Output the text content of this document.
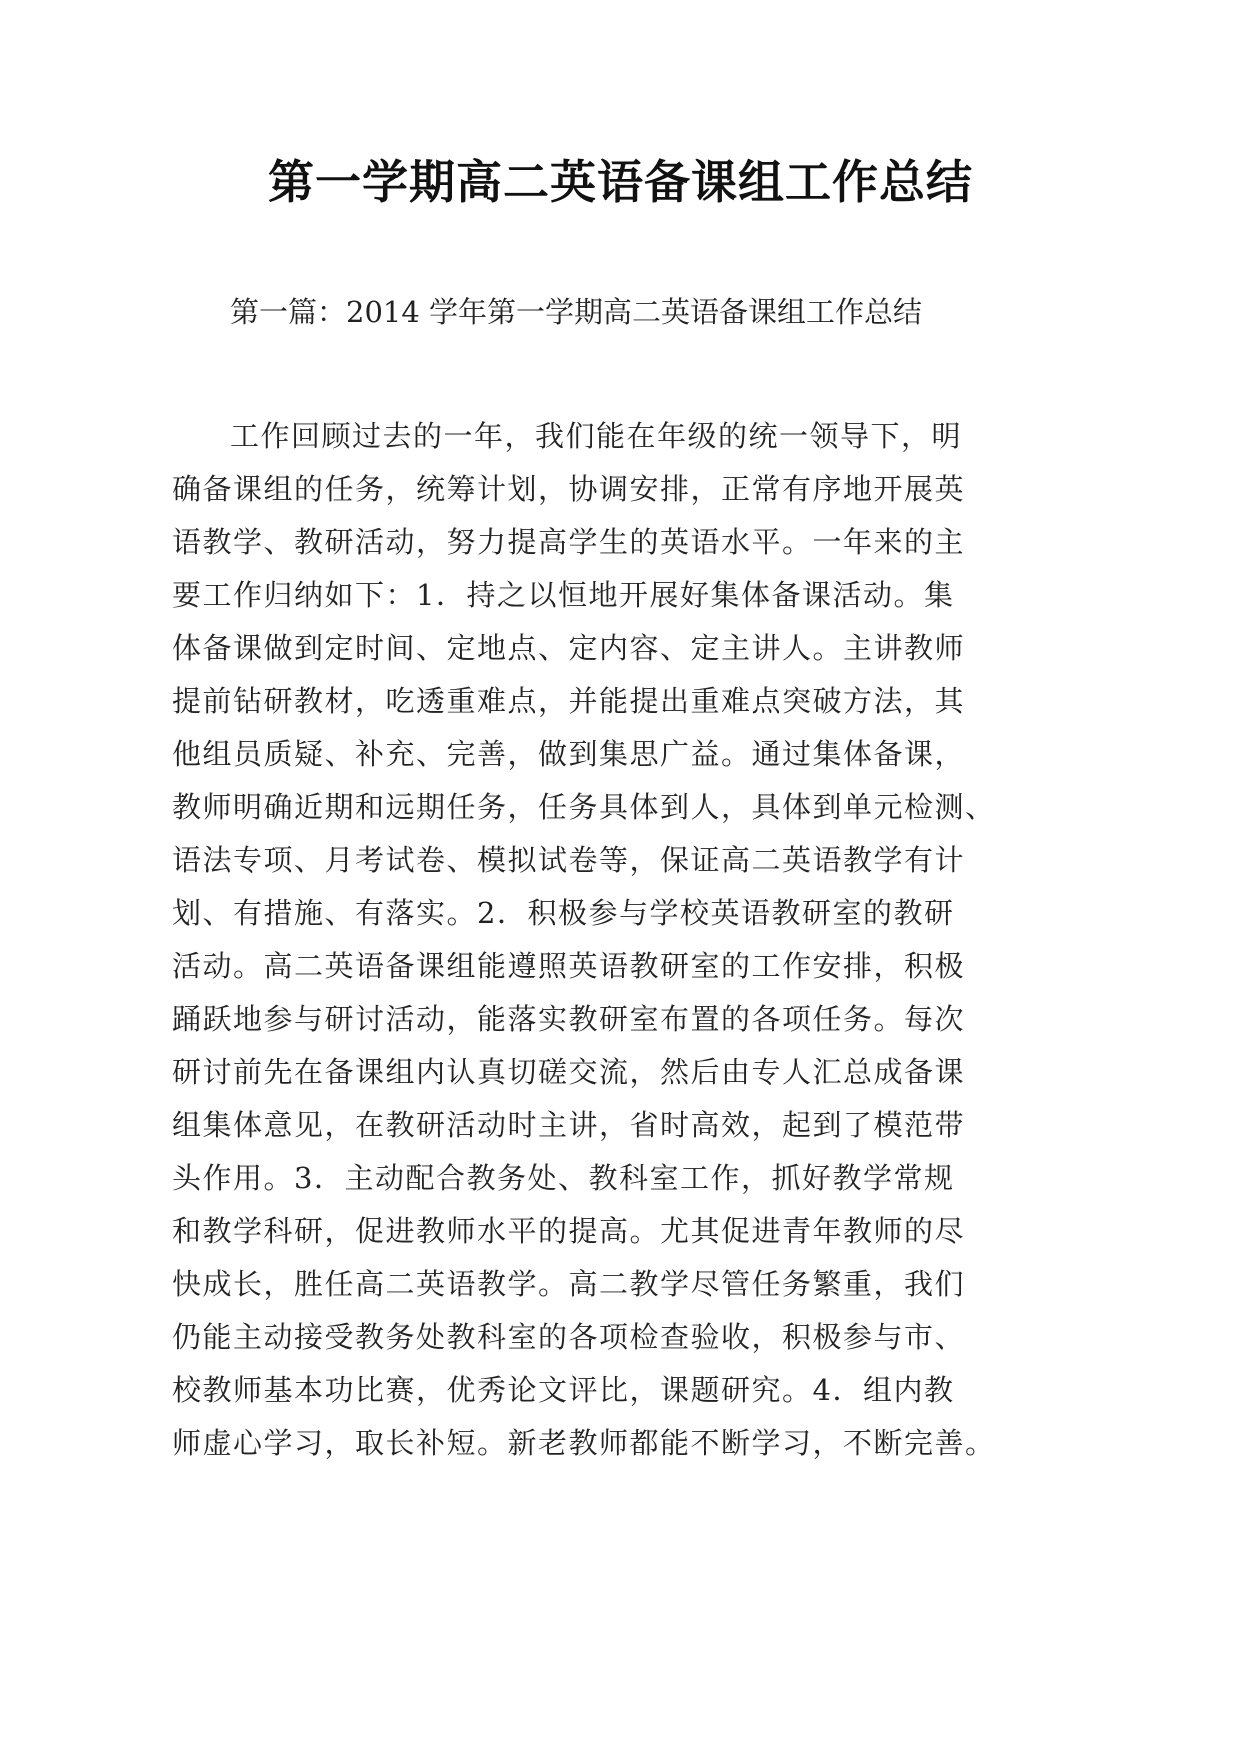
第一学期高二英语备课组工作总结

第一篇：2014 学年第一学期高二英语备课组工作总结

工作回顾过去的一年，我们能在年级的统一领导下，明
确备课组的任务，统筹计划，协调安排，正常有序地开展英
语教学、教研活动，努力提高学生的英语水平。一年来的主
要工作归纳如下：1．持之以恒地开展好集体备课活动。集
体备课做到定时间、定地点、定内容、定主讲人。主讲教师
提前钻研教材，吃透重难点，并能提出重难点突破方法，其
他组员质疑、补充、完善，做到集思广益。通过集体备课，
教师明确近期和远期任务，任务具体到人，具体到单元检测、
语法专项、月考试卷、模拟试卷等，保证高二英语教学有计
划、有措施、有落实。2．积极参与学校英语教研室的教研
活动。高二英语备课组能遵照英语教研室的工作安排，积极
踊跃地参与研讨活动，能落实教研室布置的各项任务。每次
研讨前先在备课组内认真切磋交流，然后由专人汇总成备课
组集体意见，在教研活动时主讲，省时高效，起到了模范带
头作用。3．主动配合教务处、教科室工作，抓好教学常规
和教学科研，促进教师水平的提高。尤其促进青年教师的尽
快成长，胜任高二英语教学。高二教学尽管任务繁重，我们
仍能主动接受教务处教科室的各项检查验收，积极参与市、
校教师基本功比赛，优秀论文评比，课题研究。4．组内教
师虚心学习，取长补短。新老教师都能不断学习，不断完善。
